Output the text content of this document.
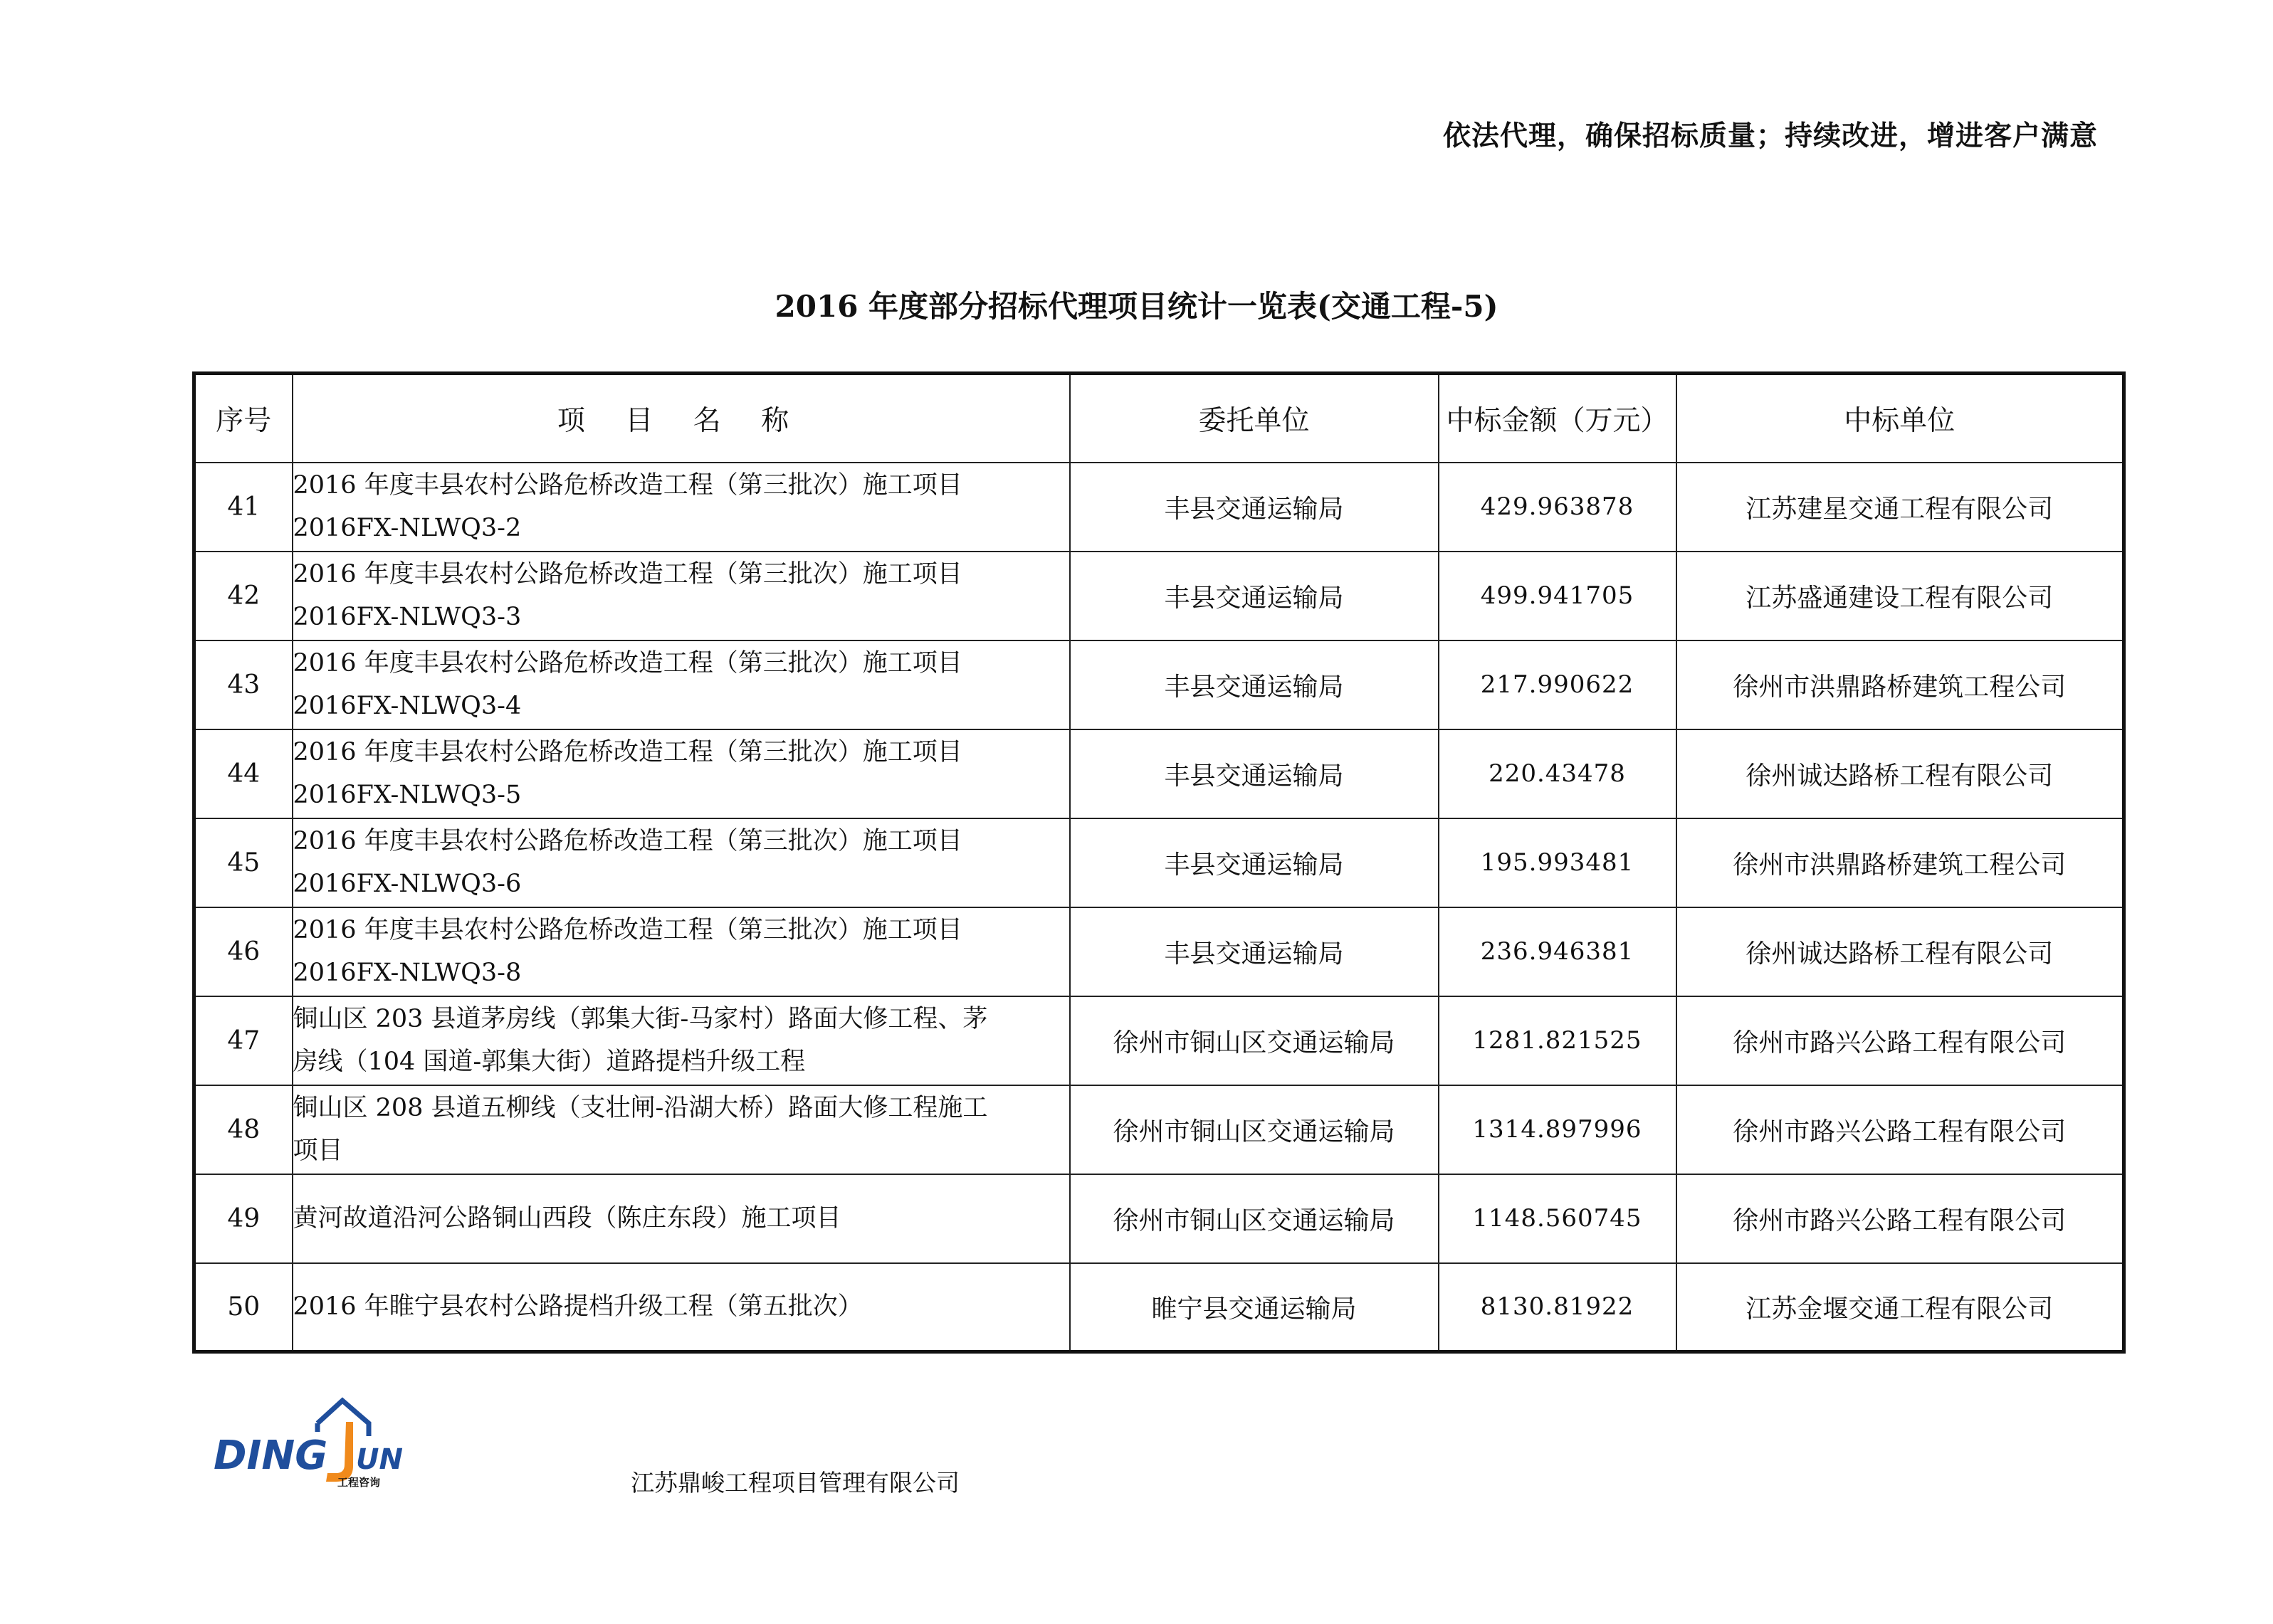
依法代理，确保招标质量；持续改进，增进客户满意
2016 年度部分招标代理项目统计一览表(交通工程-5)
序号	项 目 名 称	委托单位	中标金额（万元）	中标单位
41	2016 年度丰县农村公路危桥改造工程（第三批次）施工项目
2016FX-NLWQ3-2	丰县交通运输局	429.963878	江苏建星交通工程有限公司
42	2016 年度丰县农村公路危桥改造工程（第三批次）施工项目
2016FX-NLWQ3-3	丰县交通运输局	499.941705	江苏盛通建设工程有限公司
43	2016 年度丰县农村公路危桥改造工程（第三批次）施工项目
2016FX-NLWQ3-4	丰县交通运输局	217.990622	徐州市洪鼎路桥建筑工程公司
44	2016 年度丰县农村公路危桥改造工程（第三批次）施工项目
2016FX-NLWQ3-5	丰县交通运输局	220.43478	徐州诚达路桥工程有限公司
45	2016 年度丰县农村公路危桥改造工程（第三批次）施工项目
2016FX-NLWQ3-6	丰县交通运输局	195.993481	徐州市洪鼎路桥建筑工程公司
46	2016 年度丰县农村公路危桥改造工程（第三批次）施工项目
2016FX-NLWQ3-8	丰县交通运输局	236.946381	徐州诚达路桥工程有限公司
47	铜山区 203 县道茅房线（郭集大街-马家村）路面大修工程、茅
房线（104 国道-郭集大街）道路提档升级工程	徐州市铜山区交通运输局	1281.821525	徐州市路兴公路工程有限公司
48	铜山区 208 县道五柳线（支壮闸-沿湖大桥）路面大修工程施工
项目	徐州市铜山区交通运输局	1314.897996	徐州市路兴公路工程有限公司
49	黄河故道沿河公路铜山西段（陈庄东段）施工项目	徐州市铜山区交通运输局	1148.560745	徐州市路兴公路工程有限公司
50	2016 年睢宁县农村公路提档升级工程（第五批次）	睢宁县交通运输局	8130.81922	江苏金堰交通工程有限公司
DING UN
工程咨询	江苏鼎峻工程项目管理有限公司
